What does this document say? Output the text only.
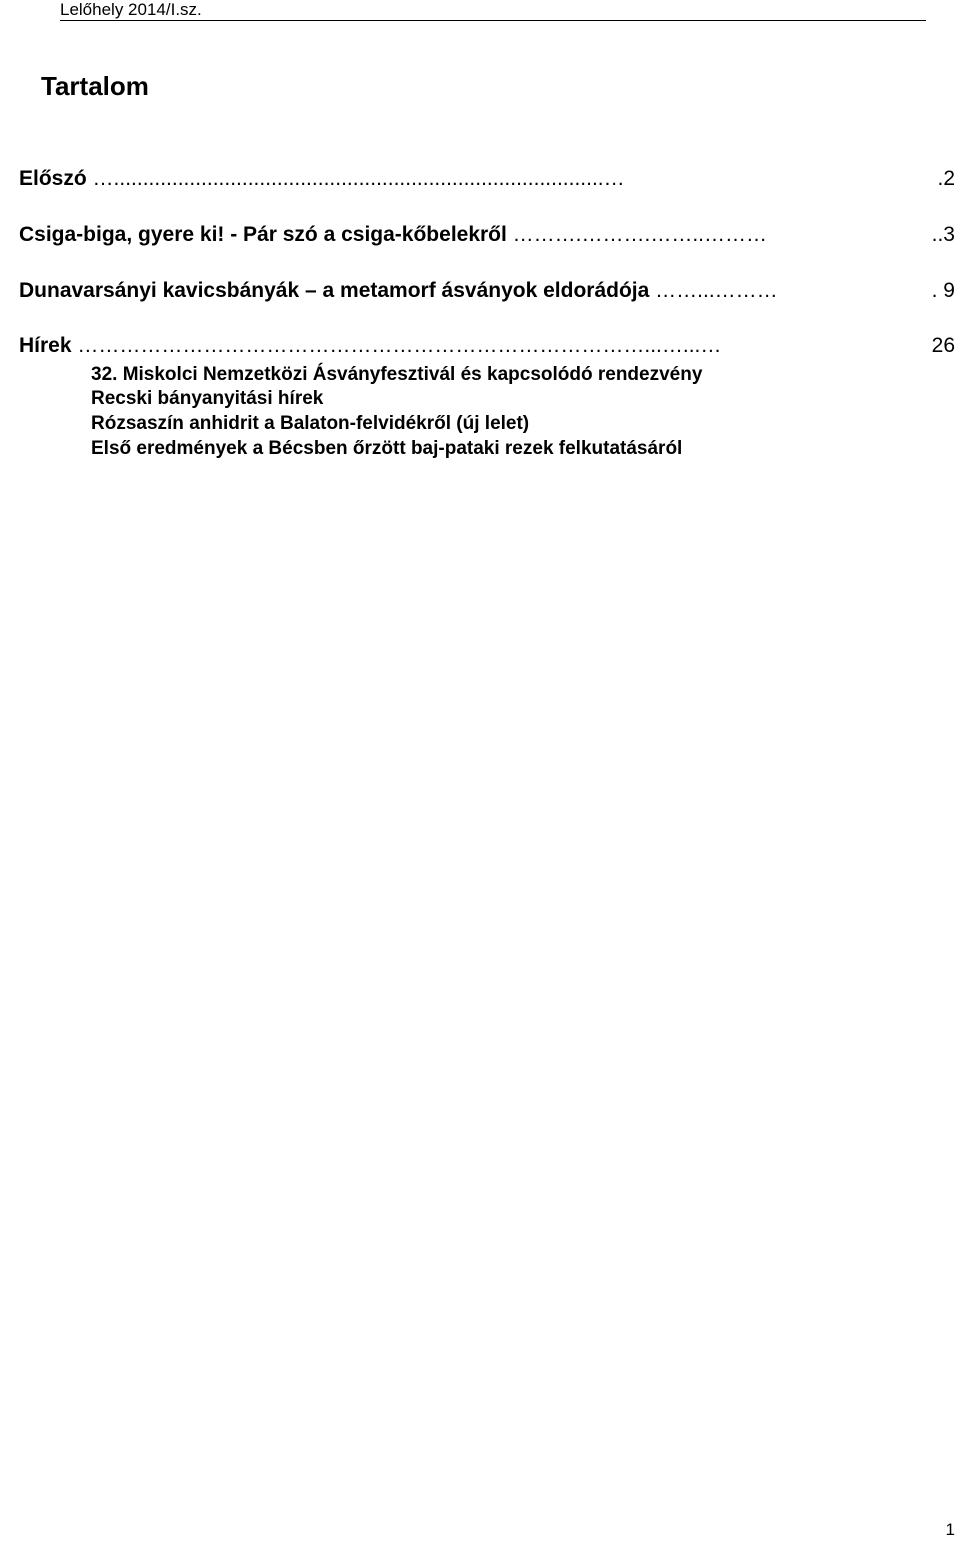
Lelőhely 2014/I.sz.
Tartalom
Előszó …....................................................................................…	.2
Csiga-biga, gyere ki! - Pár szó a csiga-kőbelekről ……….……….……..………	..3
Dunavarsányi kavicsbányák – a metamorf ásványok eldorádója ……...………	. 9
Hírek ………………………………………………………………………...…...…	26
32. Miskolci Nemzetközi Ásványfesztivál és kapcsolódó rendezvény
Recski bányanyitási hírek
Rózsaszín anhidrit a Balaton-felvidékről (új lelet)
Első eredmények a Bécsben őrzött baj-pataki rezek felkutatásáról
1
